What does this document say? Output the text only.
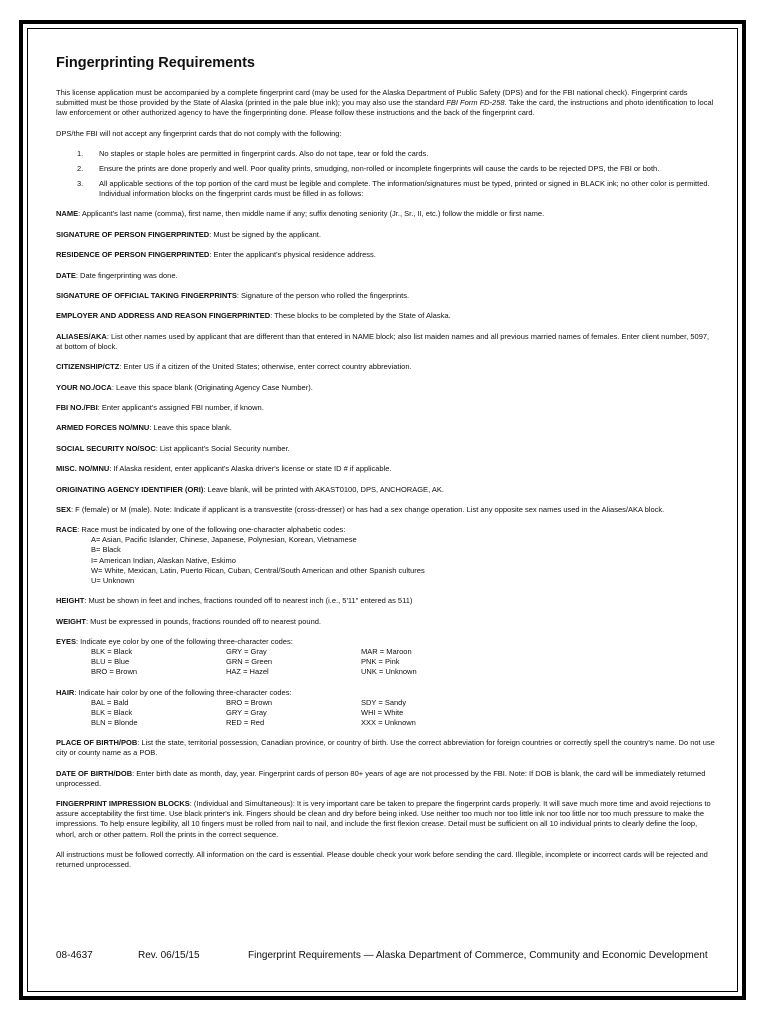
Fingerprinting Requirements

This license application must be accompanied by a complete fingerprint card (may be used for the Alaska Department of Public Safety (DPS) and for the FBI national check). Fingerprint cards submitted must be those provided by the State of Alaska (printed in the pale blue ink); you may also use the standard FBI Form FD-258. Take the card, the instructions and photo identification to local law enforcement or other authorized agency to have the fingerprinting done. Please follow these instructions and the back of the fingerprint card.

DPS/the FBI will not accept any fingerprint cards that do not comply with the following:

1.	No staples or staple holes are permitted in fingerprint cards. Also do not tape, tear or fold the cards.
2.	Ensure the prints are done properly and well. Poor quality prints, smudging, non-rolled or incomplete fingerprints will cause the cards to be rejected DPS, the FBI or both.
3.	All applicable sections of the top portion of the card must be legible and complete. The information/signatures must be typed, printed or signed in BLACK ink; no other color is permitted. Individual information blocks on the fingerprint cards must be filled in as follows:

NAME: Applicant's last name (comma), first name, then middle name if any; suffix denoting seniority (Jr., Sr., II, etc.) follow the middle or first name.

SIGNATURE OF PERSON FINGERPRINTED: Must be signed by the applicant.

RESIDENCE OF PERSON FINGERPRINTED: Enter the applicant's physical residence address.

DATE: Date fingerprinting was done.

SIGNATURE OF OFFICIAL TAKING FINGERPRINTS: Signature of the person who rolled the fingerprints.

EMPLOYER AND ADDRESS AND REASON FINGERPRINTED: These blocks to be completed by the State of Alaska.

ALIASES/AKA: List other names used by applicant that are different than that entered in NAME block; also list maiden names and all previous married names of females. Enter client number, 5097, at bottom of block.

CITIZENSHIP/CTZ: Enter US if a citizen of the United States; otherwise, enter correct country abbreviation.

YOUR NO./OCA: Leave this space blank (Originating Agency Case Number).

FBI NO./FBI: Enter applicant's assigned FBI number, if known.

ARMED FORCES NO/MNU: Leave this space blank.

SOCIAL SECURITY NO/SOC: List applicant's Social Security number.

MISC. NO/MNU: If Alaska resident, enter applicant's Alaska driver's license or state ID # if applicable.

ORIGINATING AGENCY IDENTIFIER (ORI): Leave blank, will be printed with AKAST0100, DPS, ANCHORAGE, AK.

SEX: F (female) or M (male). Note: Indicate if applicant is a transvestite (cross-dresser) or has had a sex change operation. List any opposite sex names used in the Aliases/AKA block.

RACE: Race must be indicated by one of the following one-character alphabetic codes:

A= Asian, Pacific Islander, Chinese, Japanese, Polynesian, Korean, Vietnamese
B= Black
I= American Indian, Alaskan Native, Eskimo
W= White, Mexican, Latin, Puerto Rican, Cuban, Central/South American and other Spanish cultures
U= Unknown

HEIGHT: Must be shown in feet and inches, fractions rounded off to nearest inch (i.e., 5'11" entered as 511)

WEIGHT: Must be expressed in pounds, fractions rounded off to nearest pound.

EYES: Indicate eye color by one of the following three-character codes:
BLK = Black	GRY = Gray	MAR = Maroon
BLU = Blue	GRN = Green	PNK = Pink
BRO = Brown	HAZ = Hazel	UNK = Unknown
HAIR: Indicate hair color by one of the following three-character codes:
BAL = Bald	BRO = Brown	SDY = Sandy
BLK = Black	GRY = Gray	WHI = White
BLN = Blonde	RED = Red	XXX = Unknown

PLACE OF BIRTH/POB: List the state, territorial possession, Canadian province, or country of birth. Use the correct abbreviation for foreign countries or correctly spell the country's name. Do not use city or county name as a POB.

DATE OF BIRTH/DOB: Enter birth date as month, day, year. Fingerprint cards of person 80+ years of age are not processed by the FBI. Note: If DOB is blank, the card will be immediately returned unprocessed.

FINGERPRINT IMPRESSION BLOCKS: (Individual and Simultaneous): It is very important care be taken to prepare the fingerprint cards properly. It will save much more time and avoid rejections to assure acceptability the first time. Use black printer's ink. Fingers should be clean and dry before being inked. Use neither too much nor too little ink nor too little nor too much pressure to make the impressions. To help ensure legibility, all 10 fingers must be rolled from nail to nail, and include the first flexion crease. Detail must be sufficient on all 10 individual prints to clearly define the loop, whorl, arch or other pattern. Roll the prints in the correct sequence.

All instructions must be followed correctly. All information on the card is essential. Please double check your work before sending the card. Illegible, incomplete or incorrect cards will be rejected and returned unprocessed.

08-4637	Rev. 06/15/15	Fingerprint Requirements — Alaska Department of Commerce, Community and Economic Development
